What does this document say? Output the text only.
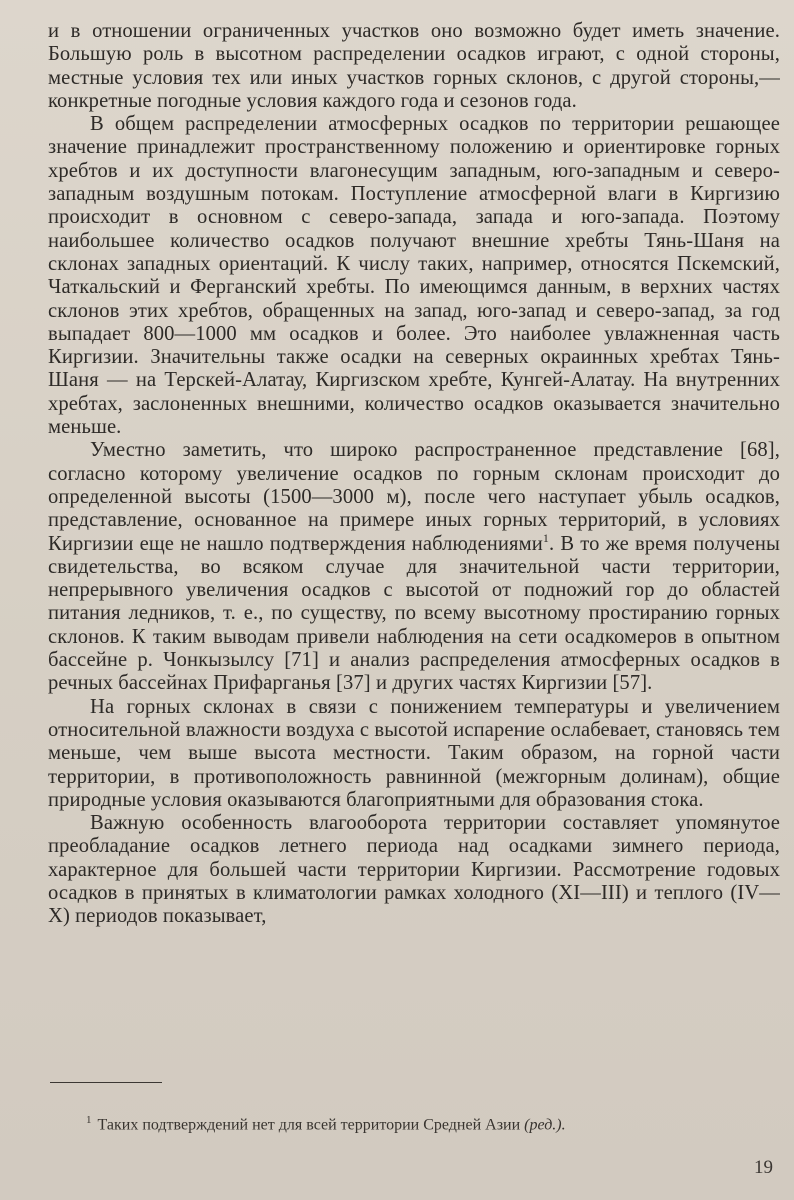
и в отношении ограниченных участков оно возможно будет иметь значение. Большую роль в высотном распределении осадков играют, с одной стороны, местные условия тех или иных участков горных склонов, с другой стороны,— конкретные погодные условия каждого года и сезонов года.

В общем распределении атмосферных осадков по территории решающее значение принадлежит пространственному положению и ориентировке горных хребтов и их доступности влагонесущим западным, юго-западным и северо-западным воздушным потокам. Поступление атмосферной влаги в Киргизию происходит в основном с северо-запада, запада и юго-запада. Поэтому наибольшее количество осадков получают внешние хребты Тянь-Шаня на склонах западных ориентаций. К числу таких, например, относятся Пскемский, Чаткальский и Ферганский хребты. По имеющимся данным, в верхних частях склонов этих хребтов, обращенных на запад, юго-запад и северо-запад, за год выпадает 800—1000 мм осадков и более. Это наиболее увлажненная часть Киргизии. Значительны также осадки на северных окраинных хребтах Тянь-Шаня — на Терскей-Алатау, Киргизском хребте, Кунгей-Алатау. На внутренних хребтах, заслоненных внешними, количество осадков оказывается значительно меньше.

Уместно заметить, что широко распространенное представление [68], согласно которому увеличение осадков по горным склонам происходит до определенной высоты (1500—3000 м), после чего наступает убыль осадков, представление, основанное на примере иных горных территорий, в условиях Киргизии еще не нашло подтверждения наблюдениями$^1$. В то же время получены свидетельства, во всяком случае для значительной части территории, непрерывного увеличения осадков с высотой от подножий гор до областей питания ледников, т. е., по существу, по всему высотному простиранию горных склонов. К таким выводам привели наблюдения на сети осадкомеров в опытном бассейне р. Чонкызылсу [71] и анализ распределения атмосферных осадков в речных бассейнах Прифарганья [37] и других частях Киргизии [57].

На горных склонах в связи с понижением температуры и увеличением относительной влажности воздуха с высотой испарение ослабевает, становясь тем меньше, чем выше высота местности. Таким образом, на горной части территории, в противоположность равнинной (межгорным долинам), общие природные условия оказываются благоприятными для образования стока.

Важную особенность влагооборота территории составляет упомянутое преобладание осадков летнего периода над осадками зимнего периода, характерное для большей части территории Киргизии. Рассмотрение годовых осадков в принятых в климатологии рамках холодного (XI—III) и теплого (IV—X) периодов показывает,

$^1$ Таких подтверждений нет для всей территории Средней Азии (ред.).
19
